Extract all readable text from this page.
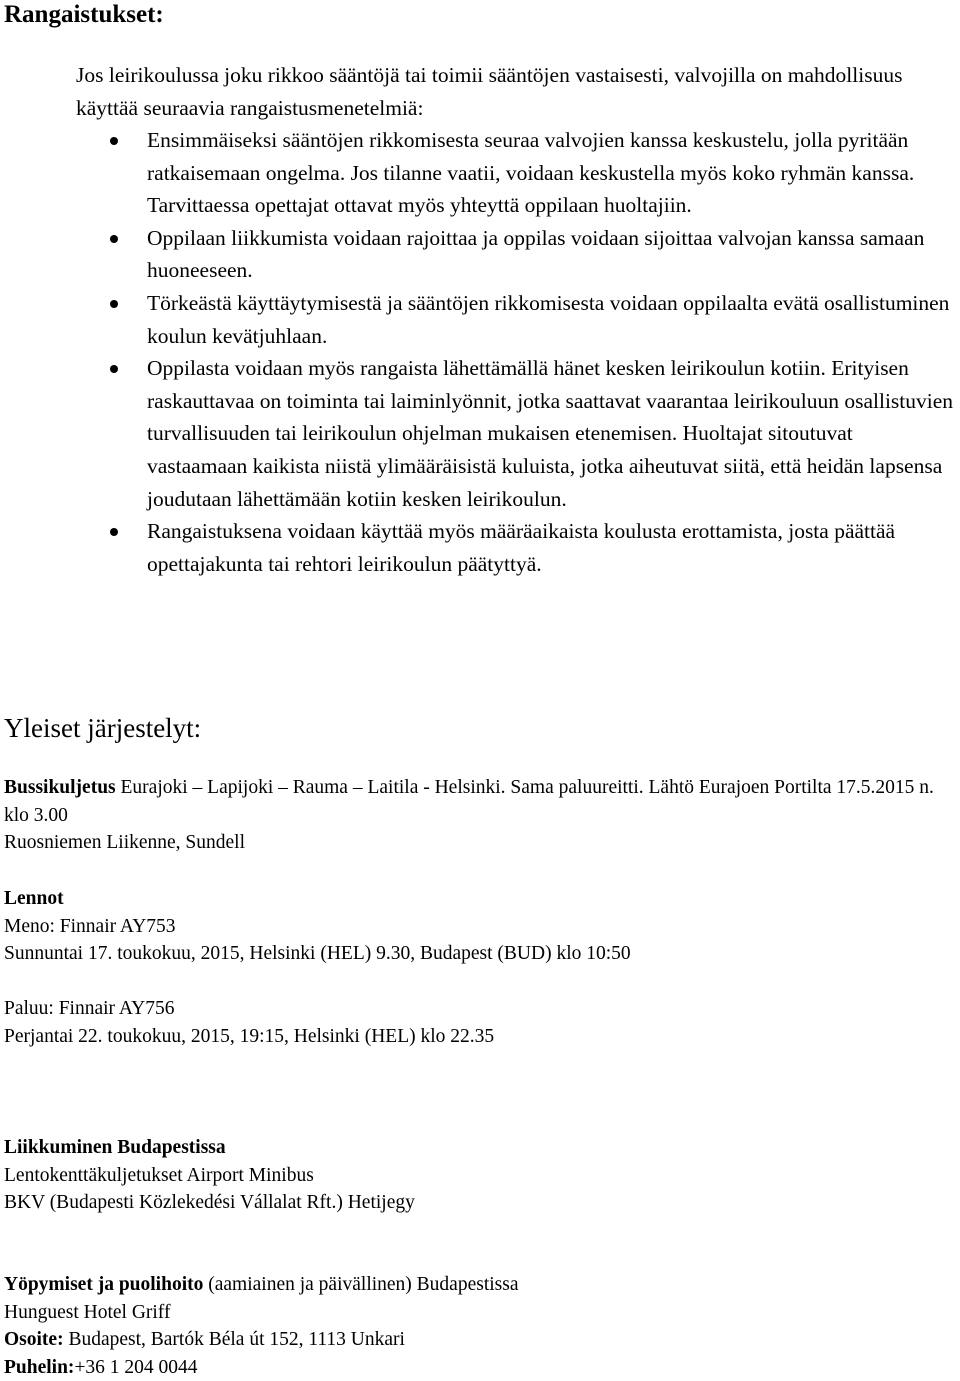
Rangaistukset:

Jos leirikoulussa joku rikkoo sääntöjä tai toimii sääntöjen vastaisesti, valvojilla on mahdollisuus käyttää seuraavia rangaistusmenetelmiä:

Ensimmäiseksi sääntöjen rikkomisesta seuraa valvojien kanssa keskustelu, jolla pyritään ratkaisemaan ongelma. Jos tilanne vaatii, voidaan keskustella myös koko ryhmän kanssa. Tarvittaessa opettajat ottavat myös yhteyttä oppilaan huoltajiin.
Oppilaan liikkumista voidaan rajoittaa ja oppilas voidaan sijoittaa valvojan kanssa samaan huoneeseen.
Törkeästä käyttäytymisestä ja sääntöjen rikkomisesta voidaan oppilaalta evätä osallistuminen koulun kevätjuhlaan.
Oppilasta voidaan myös rangaista lähettämällä hänet kesken leirikoulun kotiin. Erityisen raskauttavaa on toiminta tai laiminlyönnit, jotka saattavat vaarantaa leirikouluun osallistuvien turvallisuuden tai leirikoulun ohjelman mukaisen etenemisen. Huoltajat sitoutuvat vastaamaan kaikista niistä ylimääräisistä kuluista, jotka aiheutuvat siitä, että heidän lapsensa joudutaan lähettämään kotiin kesken leirikoulun.
Rangaistuksena voidaan käyttää myös määräaikaista koulusta erottamista, josta päättää opettajakunta tai rehtori leirikoulun päätyttyä.
Yleiset järjestelyt:

Bussikuljetus Eurajoki – Lapijoki – Rauma – Laitila - Helsinki. Sama paluureitti. Lähtö Eurajoen Portilta 17.5.2015 n. klo 3.00

Ruosniemen Liikenne, Sundell

Lennot

Meno: Finnair AY753

Sunnuntai 17. toukokuu, 2015, Helsinki (HEL) 9.30, Budapest (BUD) klo 10:50

Paluu: Finnair AY756

Perjantai 22. toukokuu, 2015, 19:15, Helsinki (HEL) klo 22.35

Liikkuminen Budapestissa

Lentokenttäkuljetukset Airport Minibus

BKV (Budapesti Közlekedési Vállalat Rft.) Hetijegy

Yöpymiset ja puolihoito (aamiainen ja päivällinen) Budapestissa

Hunguest Hotel Griff

Osoite: Budapest, Bartók Béla út 152, 1113 Unkari

Puhelin:+36 1 204 0044
